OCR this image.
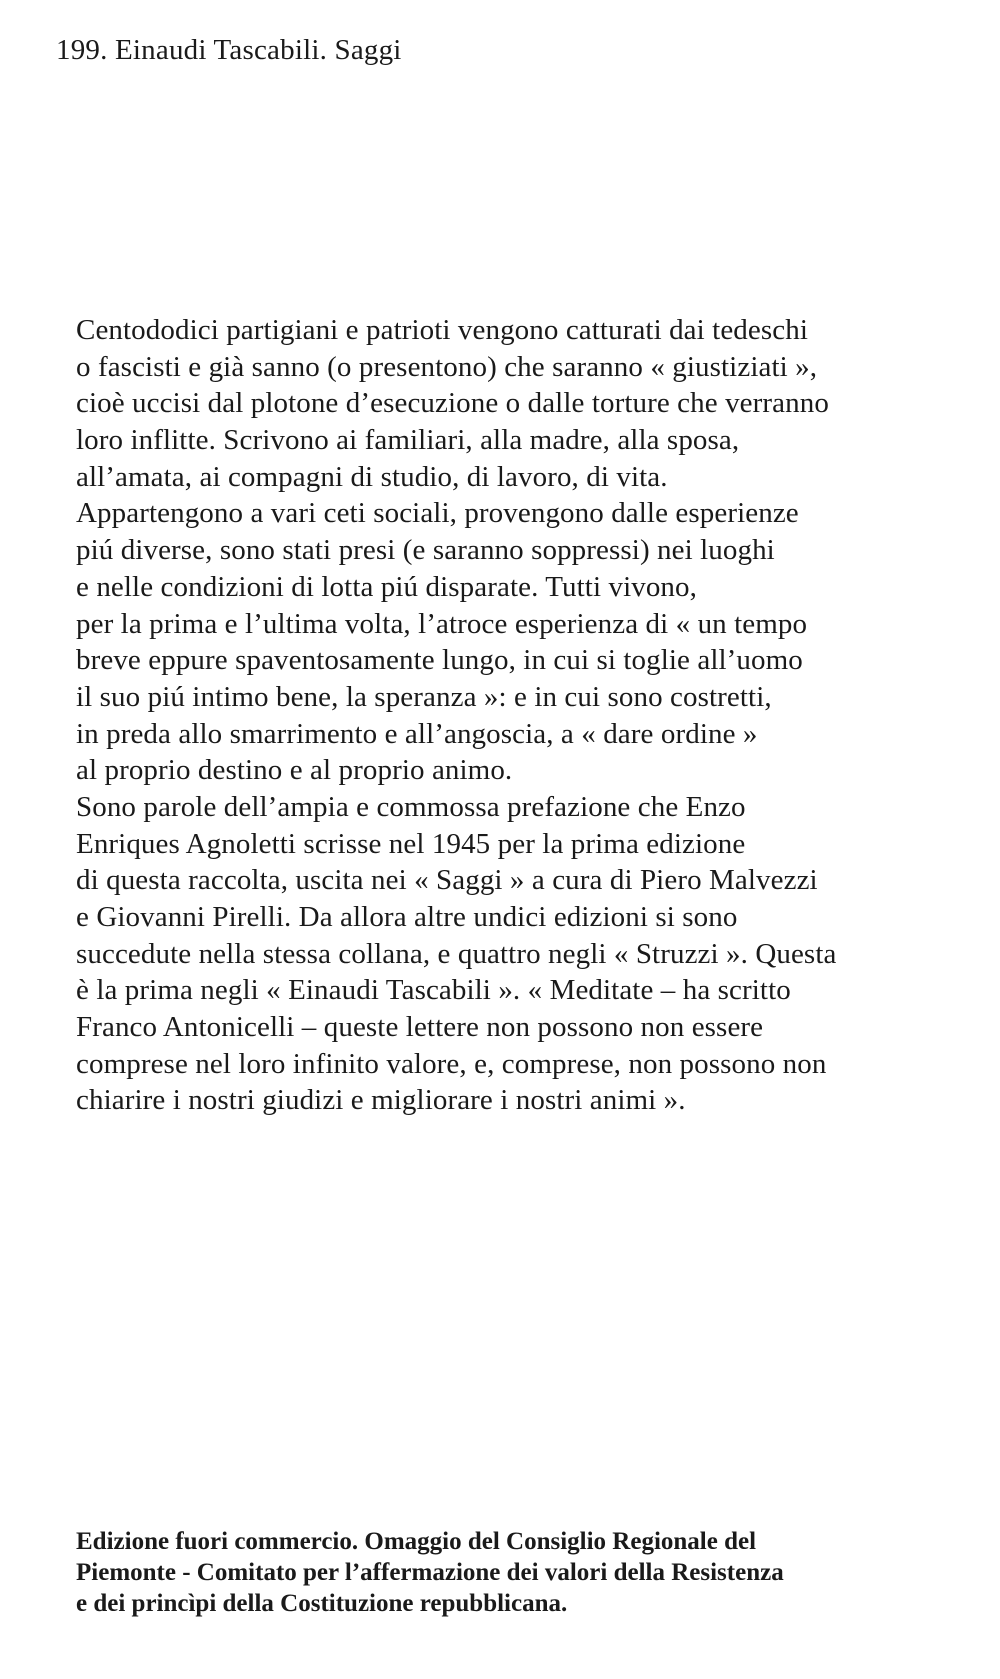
199. Einaudi Tascabili. Saggi
Centododici partigiani e patrioti vengono catturati dai tedeschi
o fascisti e già sanno (o presentono) che saranno « giustiziati »,
cioè uccisi dal plotone d’esecuzione o dalle torture che verranno
loro inflitte. Scrivono ai familiari, alla madre, alla sposa,
all’amata, ai compagni di studio, di lavoro, di vita.
Appartengono a vari ceti sociali, provengono dalle esperienze
piú diverse, sono stati presi (e saranno soppressi) nei luoghi
e nelle condizioni di lotta piú disparate. Tutti vivono,
per la prima e l’ultima volta, l’atroce esperienza di « un tempo
breve eppure spaventosamente lungo, in cui si toglie all’uomo
il suo piú intimo bene, la speranza »: e in cui sono costretti,
in preda allo smarrimento e all’angoscia, a « dare ordine »
al proprio destino e al proprio animo.
Sono parole dell’ampia e commossa prefazione che Enzo
Enriques Agnoletti scrisse nel 1945 per la prima edizione
di questa raccolta, uscita nei « Saggi » a cura di Piero Malvezzi
e Giovanni Pirelli. Da allora altre undici edizioni si sono
succedute nella stessa collana, e quattro negli « Struzzi ». Questa
è la prima negli « Einaudi Tascabili ». « Meditate – ha scritto
Franco Antonicelli – queste lettere non possono non essere
comprese nel loro infinito valore, e, comprese, non possono non
chiarire i nostri giudizi e migliorare i nostri animi ».
Edizione fuori commercio. Omaggio del Consiglio Regionale del
Piemonte - Comitato per l’affermazione dei valori della Resistenza
e dei princìpi della Costituzione repubblicana.
